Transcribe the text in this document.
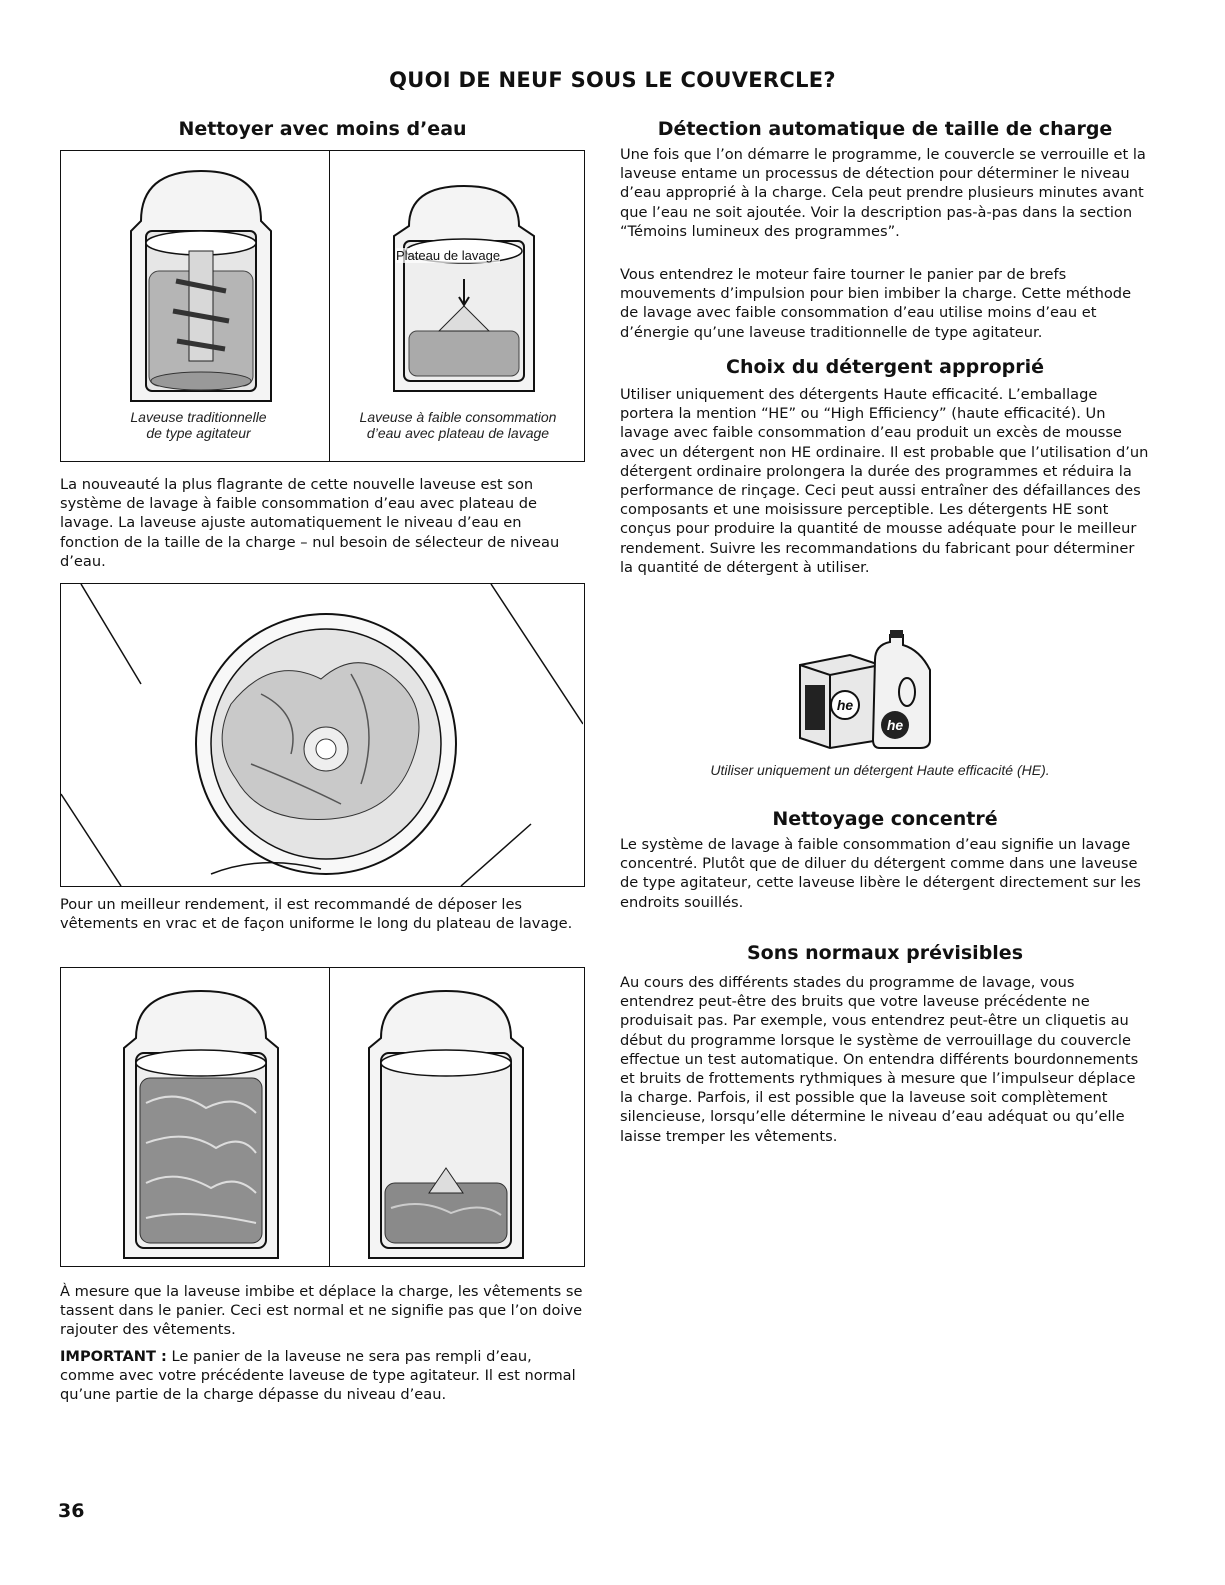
QUOI DE NEUF SOUS LE COUVERCLE?
Nettoyer avec moins d’eau
Plateau de lavage
Laveuse traditionnelle
de type agitateur
Laveuse à faible consommation
d’eau avec plateau de lavage

La nouveauté la plus flagrante de cette nouvelle laveuse est son système de lavage à faible consommation d’eau avec plateau de lavage. La laveuse ajuste automatiquement le niveau d’eau en fonction de la taille de la charge – nul besoin de sélecteur de niveau d’eau.

Pour un meilleur rendement, il est recommandé de déposer les vêtements en vrac et de façon uniforme le long du plateau de lavage.

À mesure que la laveuse imbibe et déplace la charge, les vêtements se tassent dans le panier. Ceci est normal et ne signifie pas que l’on doive rajouter des vêtements.

IMPORTANT : Le panier de la laveuse ne sera pas rempli d’eau, comme avec votre précédente laveuse de type agitateur. Il est normal qu’une partie de la charge dépasse du niveau d’eau.

36
Détection automatique de taille de charge

Une fois que l’on démarre le programme, le couvercle se verrouille et la laveuse entame un processus de détection pour déterminer le niveau d’eau approprié à la charge. Cela peut prendre plusieurs minutes avant que l’eau ne soit ajoutée. Voir la description pas-à-pas dans la section “Témoins lumineux des programmes”.

Vous entendrez le moteur faire tourner le panier par de brefs mouvements d’impulsion pour bien imbiber la charge. Cette méthode de lavage avec faible consommation d’eau utilise moins d’eau et d’énergie qu’une laveuse traditionnelle de type agitateur.

Choix du détergent approprié

Utiliser uniquement des détergents Haute efficacité. L’emballage portera la mention “HE” ou “High Efficiency” (haute efficacité). Un lavage avec faible consommation d’eau produit un excès de mousse avec un détergent non HE ordinaire. Il est probable que l’utilisation d’un détergent ordinaire prolongera la durée des programmes et réduira la performance de rinçage. Ceci peut aussi entraîner des défaillances des composants et une moisissure perceptible. Les détergents HE sont conçus pour produire la quantité de mousse adéquate pour le meilleur rendement. Suivre les recommandations du fabricant pour déterminer la quantité de détergent à utiliser.

he
he
Utiliser uniquement un détergent Haute efficacité (HE).
Nettoyage concentré

Le système de lavage à faible consommation d’eau signifie un lavage concentré. Plutôt que de diluer du détergent comme dans une laveuse de type agitateur, cette laveuse libère le détergent directement sur les endroits souillés.

Sons normaux prévisibles

Au cours des différents stades du programme de lavage, vous entendrez peut-être des bruits que votre laveuse précédente ne produisait pas. Par exemple, vous entendrez peut-être un cliquetis au début du programme lorsque le système de verrouillage du couvercle effectue un test automatique. On entendra différents bourdonnements et bruits de frottements rythmiques à mesure que l’impulseur déplace la charge. Parfois, il est possible que la laveuse soit complètement silencieuse, lorsqu’elle détermine le niveau d’eau adéquat ou qu’elle laisse tremper les vêtements.
